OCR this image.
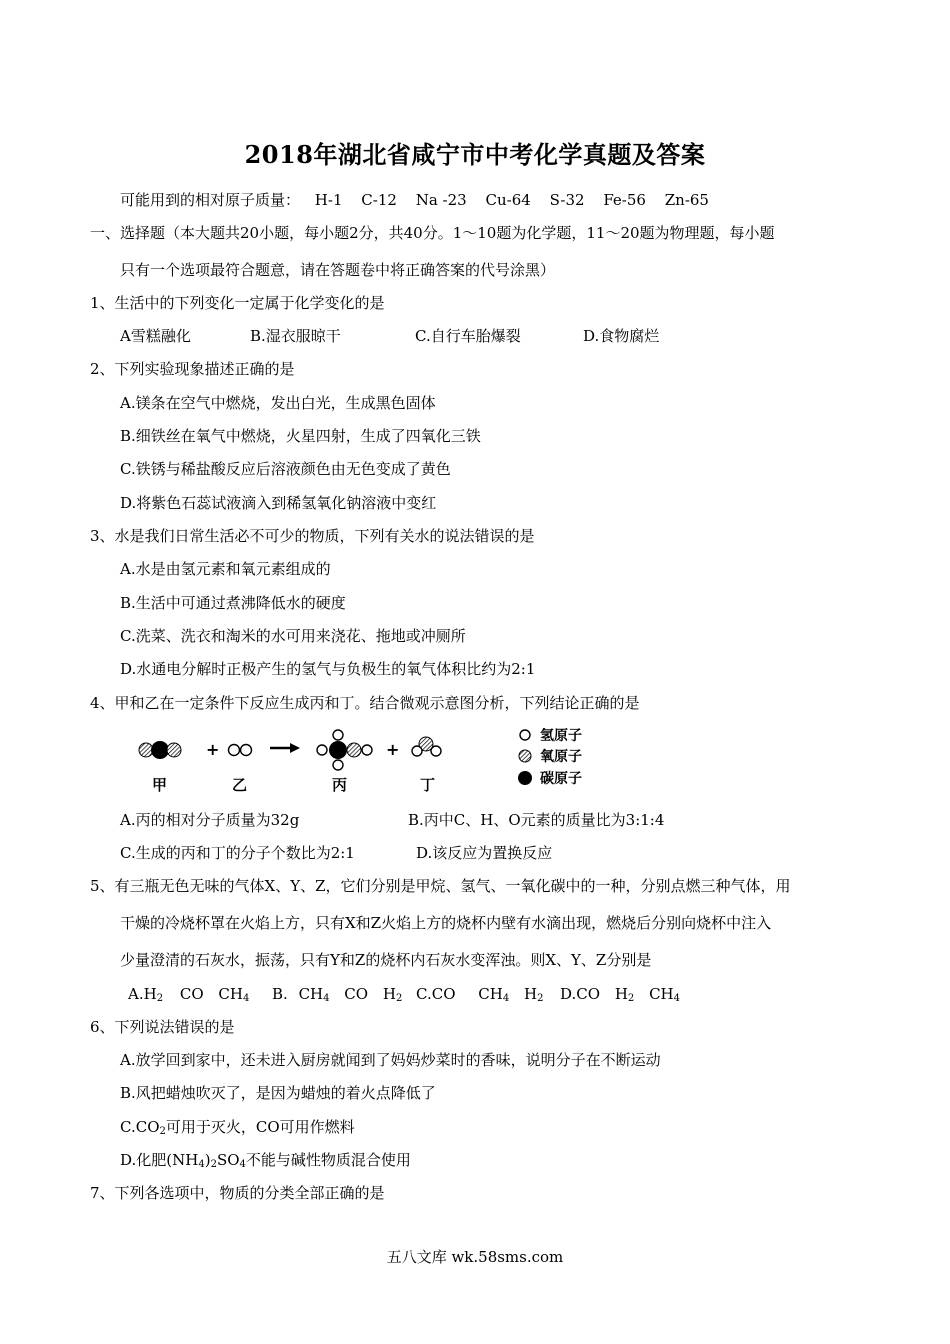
2018年湖北省咸宁市中考化学真题及答案
可能用到的相对原子质量： H-1 C-12 Na -23 Cu-64 S-32 Fe-56 Zn-65
一、选择题（本大题共20小题，每小题2分，共40分。1～10题为化学题，11～20题为物理题，每小题
只有一个选项最符合题意，请在答题卷中将正确答案的代号涂黑）
1、生活中的下列变化一定属于化学变化的是
A雪糕融化	B.湿衣服晾干	C.自行车胎爆裂	D.食物腐烂
2、下列实验现象描述正确的是
A.镁条在空气中燃烧，发出白光，生成黑色固体
B.细铁丝在氧气中燃烧，火星四射，生成了四氧化三铁
C.铁锈与稀盐酸反应后溶液颜色由无色变成了黄色
D.将紫色石蕊试液滴入到稀氢氧化钠溶液中变红
3、水是我们日常生活必不可少的物质，下列有关水的说法错误的是
A.水是由氢元素和氧元素组成的
B.生活中可通过煮沸降低水的硬度
C.洗菜、洗衣和淘米的水可用来浇花、拖地或冲厕所
D.水通电分解时正极产生的氢气与负极生的氧气体积比约为2:1
4、甲和乙在一定条件下反应生成丙和丁。结合微观示意图分析，下列结论正确的是
+	+
甲	乙	丙	丁
氢原子
氧原子
碳原子
A.丙的相对分子质量为32g	B.丙中C、H、O元素的质量比为3:1:4
C.生成的丙和丁的分子个数比为2:1	D.该反应为置换反应
5、有三瓶无色无味的气体X、Y、Z，它们分别是甲烷、氢气、一氧化碳中的一种，分别点燃三种气体，用
干燥的冷烧杯罩在火焰上方，只有X和Z火焰上方的烧杯内壁有水滴出现，燃烧后分别向烧杯中注入
少量澄清的石灰水，振荡，只有Y和Z的烧杯内石灰水变浑浊。则X、Y、Z分别是
$A.H_2$ CO $CH_4$ B. $CH_4$ CO $H_2$ C.CO $CH_4$ $H_2$ D.CO $H_2$ $CH_4$
6、下列说法错误的是
A.放学回到家中，还未进入厨房就闻到了妈妈炒菜时的香味，说明分子在不断运动
B.风把蜡烛吹灭了，是因为蜡烛的着火点降低了
$C.CO_2$可用于灭火，CO可用作燃料
D.化肥$(NH_4)_2SO_4$不能与碱性物质混合使用
7、下列各选项中，物质的分类全部正确的是
五八文库 wk.58sms.com
